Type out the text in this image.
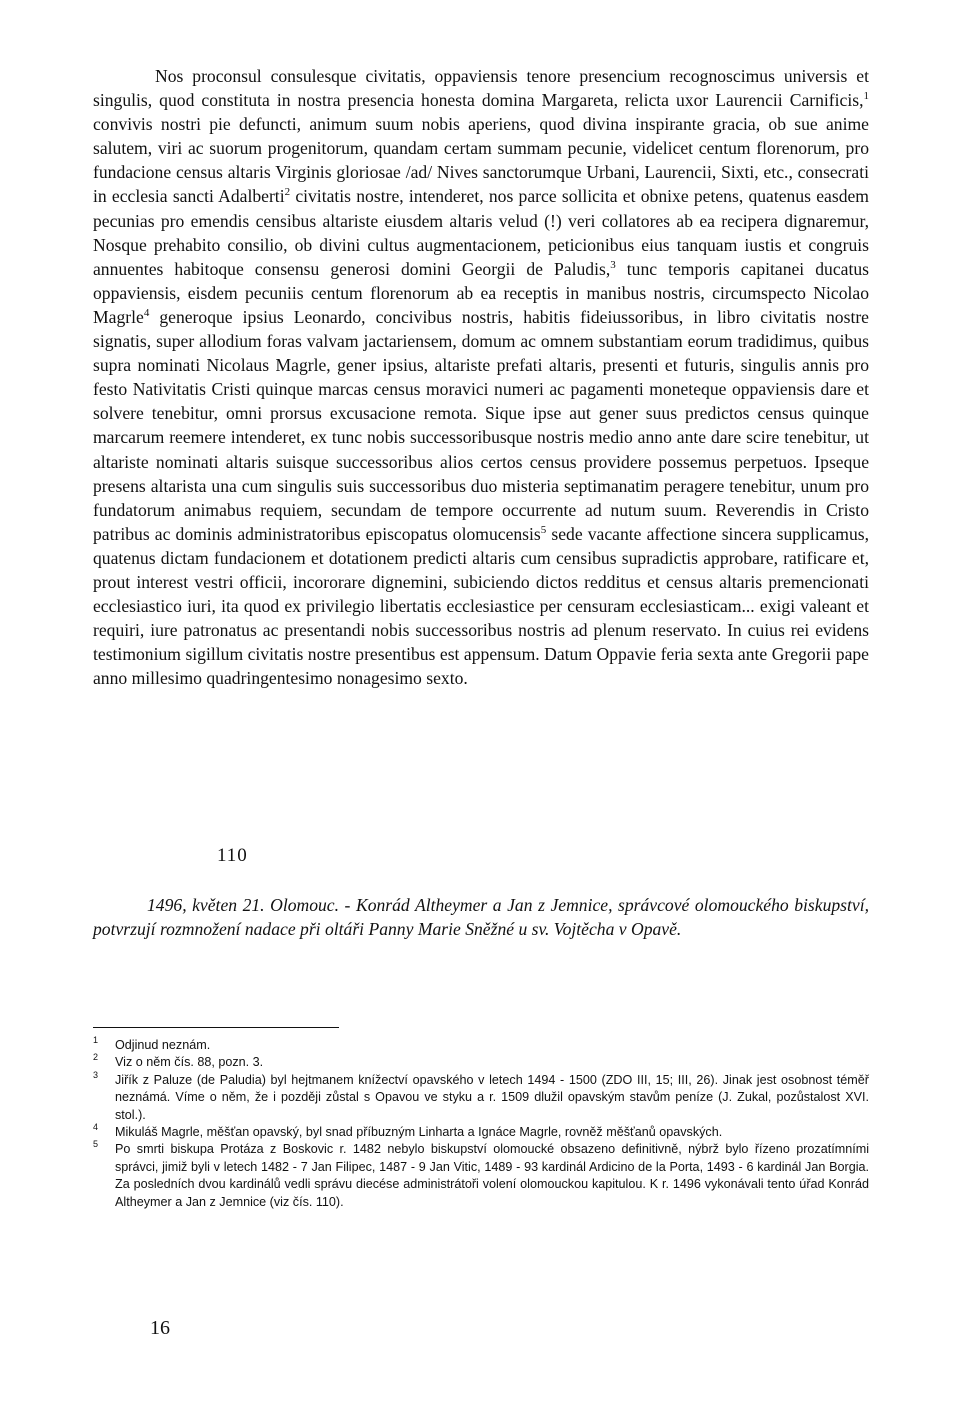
Nos proconsul consulesque civitatis, oppaviensis tenore presencium recognoscimus universis et singulis, quod constituta in nostra presencia honesta domina Margareta, relicta uxor Laurencii Carnificis,$^1$ convivis nostri pie defuncti, animum suum nobis aperiens, quod divina inspirante gracia, ob sue anime salutem, viri ac suorum progenitorum, quandam certam summam pecunie, videlicet centum florenorum, pro fundacione census altaris Virginis gloriosae /ad/ Nives sanctorumque Urbani, Laurencii, Sixti, etc., consecrati in ecclesia sancti Adalberti$^2$ civitatis nostre, intenderet, nos parce sollicita et obnixe petens, quatenus easdem pecunias pro emendis censibus altariste eiusdem altaris velud (!) veri collatores ab ea recipera dignaremur, Nosque prehabito consilio, ob divini cultus augmentacionem, peticionibus eius tanquam iustis et congruis annuentes habitoque consensu generosi domini Georgii de Paludis,$^3$ tunc temporis capitanei ducatus oppaviensis, eisdem pecuniis centum florenorum ab ea receptis in manibus nostris, circumspecto Nicolao Magrle$^4$ generoque ipsius Leonardo, concivibus nostris, habitis fideiussoribus, in libro civitatis nostre signatis, super allodium foras valvam jactariensem, domum ac omnem substantiam eorum tradidimus, quibus supra nominati Nicolaus Magrle, gener ipsius, altariste prefati altaris, presenti et futuris, singulis annis pro festo Nativitatis Cristi quinque marcas census moravici numeri ac pagamenti moneteque oppaviensis dare et solvere tenebitur, omni prorsus excusacione remota. Sique ipse aut gener suus predictos census quinque marcarum reemere intenderet, ex tunc nobis successoribusque nostris medio anno ante dare scire tenebitur, ut altariste nominati altaris suisque successoribus alios certos census providere possemus perpetuos. Ipseque presens altarista una cum singulis suis successoribus duo misteria septimanatim peragere tenebitur, unum pro fundatorum animabus requiem, secundam de tempore occurrente ad nutum suum. Reverendis in Cristo patribus ac dominis administratoribus episcopatus olomucensis$^5$ sede vacante affectione sincera supplicamus, quatenus dictam fundacionem et dotationem predicti altaris cum censibus supradictis approbare, ratificare et, prout interest vestri officii, incororare dignemini, subiciendo dictos redditus et census altaris premencionati ecclesiastico iuri, ita quod ex privilegio libertatis ecclesiastice per censuram ecclesiasticam... exigi valeant et requiri, iure patronatus ac presentandi nobis successoribus nostris ad plenum reservato. In cuius rei evidens testimonium sigillum civitatis nostre presentibus est appensum. Datum Oppavie feria sexta ante Gregorii pape anno millesimo quadringentesimo nonagesimo sexto.

110

1496, květen 21. Olomouc. - Konrád Altheymer a Jan z Jemnice, správcové olomouckého biskupství, potvrzují rozmnožení nadace při oltáři Panny Marie Sněžné u sv. Vojtěcha v Opavě.

1 Odjinud neznám.

2 Viz o něm čís. 88, pozn. 3.

3 Jiřík z Paluze (de Paludia) byl hejtmanem knížectví opavského v letech 1494 - 1500 (ZDO III, 15; III, 26). Jinak jest osobnost téměř neznámá. Víme o něm, že i později zůstal s Opavou ve styku a r. 1509 dlužil opavským stavům peníze (J. Zukal, pozůstalost XVI. stol.).

4 Mikuláš Magrle, měšťan opavský, byl snad příbuzným Linharta a Ignáce Magrle, rovněž měšťanů opavských.

5 Po smrti biskupa Protáza z Boskovic r. 1482 nebylo biskupství olomoucké obsazeno definitivně, nýbrž bylo řízeno prozatímními správci, jimiž byli v letech 1482 - 7 Jan Filipec, 1487 - 9 Jan Vitic, 1489 - 93 kardinál Ardicino de la Porta, 1493 - 6 kardinál Jan Borgia. Za posledních dvou kardinálů vedli správu diecése administrátoři volení olomouckou kapitulou. K r. 1496 vykonávali tento úřad Konrád Altheymer a Jan z Jemnice (viz čís. 110).

16
